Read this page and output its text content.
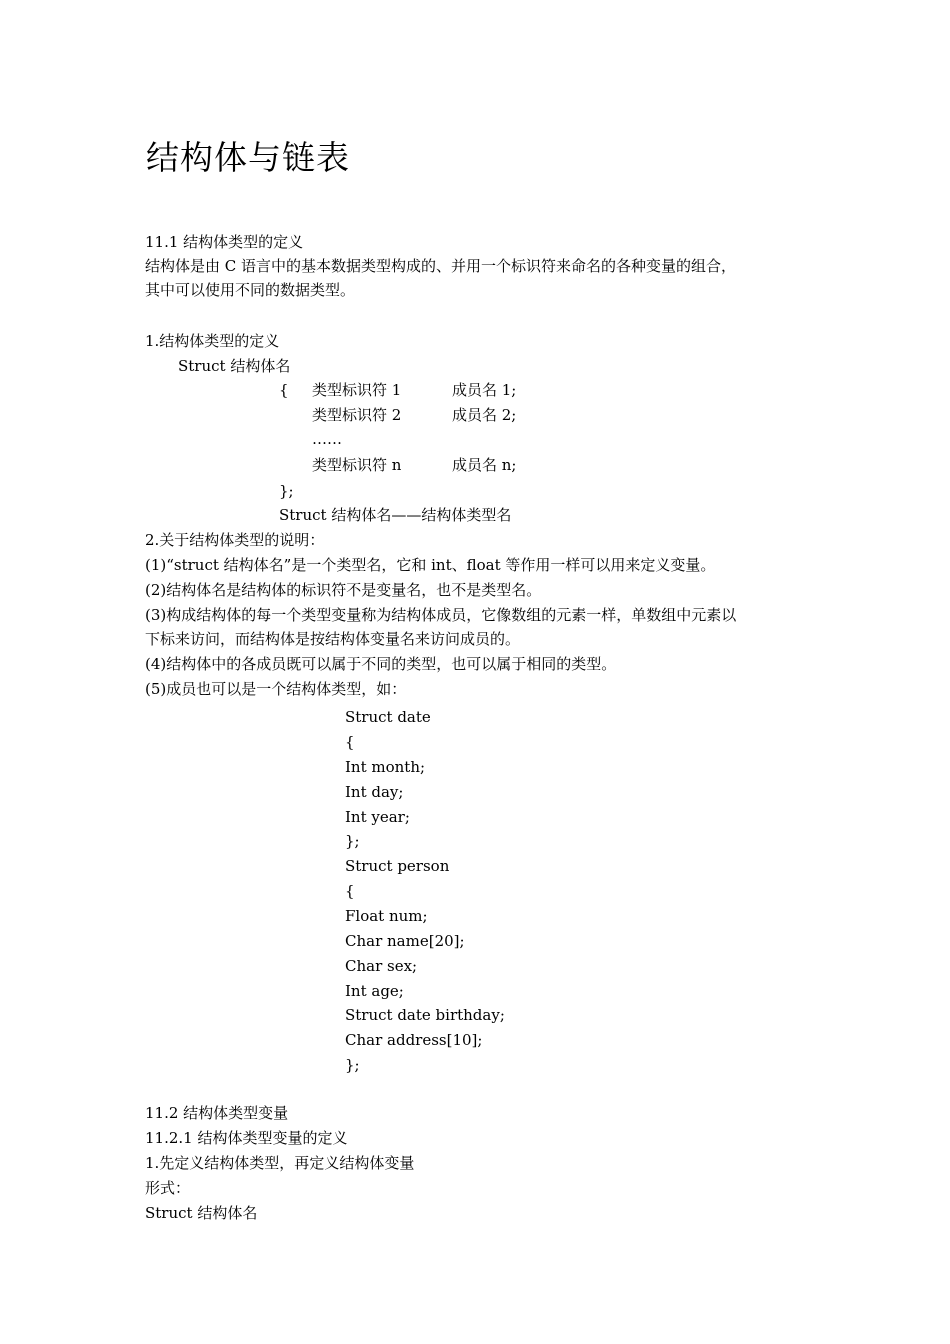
结构体与链表
11.1 结构体类型的定义
结构体是由 C 语言中的基本数据类型构成的、并用一个标识符来命名的各种变量的组合，
其中可以使用不同的数据类型。
1.结构体类型的定义
Struct 结构体名
{ 类型标识符 1	成员名 1;
类型标识符 2	成员名 2;
……
类型标识符 n	成员名 n;
};
Struct 结构体名——结构体类型名
2.关于结构体类型的说明：
(1)“struct 结构体名”是一个类型名，它和 int、float 等作用一样可以用来定义变量。
(2)结构体名是结构体的标识符不是变量名，也不是类型名。
(3)构成结构体的每一个类型变量称为结构体成员，它像数组的元素一样，单数组中元素以
下标来访问，而结构体是按结构体变量名来访问成员的。
(4)结构体中的各成员既可以属于不同的类型，也可以属于相同的类型。
(5)成员也可以是一个结构体类型，如：
Struct date
{
Int month;
Int day;
Int year;
};
Struct person
{
Float num;
Char name[20];
Char sex;
Int age;
Struct date birthday;
Char address[10];
};
11.2 结构体类型变量
11.2.1 结构体类型变量的定义
1.先定义结构体类型，再定义结构体变量
形式：
Struct 结构体名
